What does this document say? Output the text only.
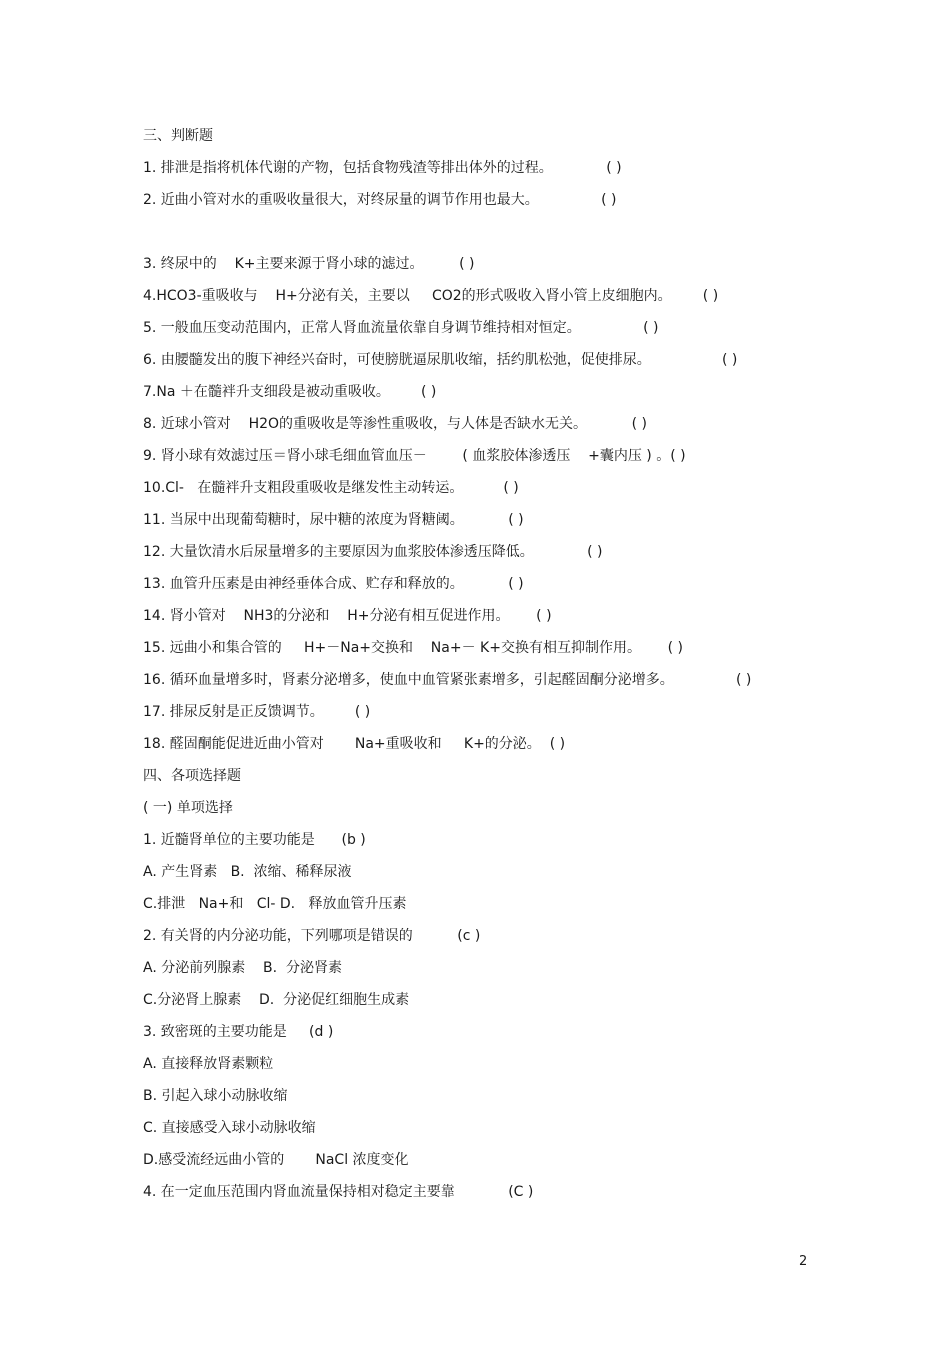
三、判断题
1. 排泄是指将机体代谢的产物，包括食物残渣等排出体外的过程。            ( )
2. 近曲小管对水的重吸收量很大，对终尿量的调节作用也最大。              ( )
3. 终尿中的    K+主要来源于肾小球的滤过。        ( )
4.HCO3-重吸收与    H+分泌有关，主要以     CO2的形式吸收入肾小管上皮细胞内。       ( )
5. 一般血压变动范围内，正常人肾血流量依靠自身调节维持相对恒定。              ( )
6. 由腰髓发出的腹下神经兴奋时，可使膀胱逼尿肌收缩，括约肌松弛，促使排尿。                ( )
7.Na ＋在髓袢升支细段是被动重吸收。       ( )
8. 近球小管对    H2O的重吸收是等渗性重吸收，与人体是否缺水无关。          ( )
9. 肾小球有效滤过压＝肾小球毛细血管血压－        ( 血浆胶体渗透压    +囊内压 ) 。( )
10.Cl-   在髓袢升支粗段重吸收是继发性主动转运。         ( )
11. 当尿中出现葡萄糖时，尿中糖的浓度为肾糖阈。          ( )
12. 大量饮清水后尿量增多的主要原因为血浆胶体渗透压降低。            ( )
13. 血管升压素是由神经垂体合成、贮存和释放的。          ( )
14. 肾小管对    NH3的分泌和    H+分泌有相互促进作用。      ( )
15. 远曲小和集合管的     H+－Na+交换和    Na+－ K+交换有相互抑制作用。      ( )
16. 循环血量增多时，肾素分泌增多，使血中血管紧张素增多，引起醛固酮分泌增多。              ( )
17. 排尿反射是正反馈调节。       ( )
18. 醛固酮能促进近曲小管对       Na+重吸收和     K+的分泌。  ( )
四、各项选择题
( 一) 单项选择
1. 近髓肾单位的主要功能是      (b )
A. 产生肾素   B.  浓缩、稀释尿液
C.排泄   Na+和   Cl- D.   释放血管升压素
2. 有关肾的内分泌功能，下列哪项是错误的          (c )
A. 分泌前列腺素    B.  分泌肾素
C.分泌肾上腺素    D.  分泌促红细胞生成素
3. 致密斑的主要功能是     (d )
A. 直接释放肾素颗粒
B. 引起入球小动脉收缩
C. 直接感受入球小动脉收缩
D.感受流经远曲小管的       NaCl 浓度变化
4. 在一定血压范围内肾血流量保持相对稳定主要靠            (C )
2
